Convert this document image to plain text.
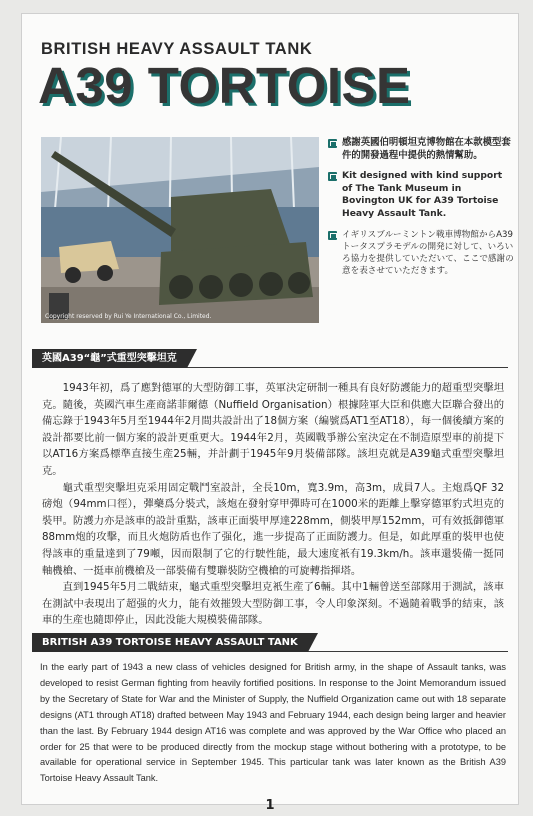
BRITISH HEAVY ASSAULT TANK
A39 TORTOISE
Copyright reserved by Rui Ye International Co., Limited.
感謝英國伯明頓坦克博物館在本款模型套件的開發過程中提供的熱情幫助。
Kit designed with kind support of The Tank Museum in Bovington UK for A39 Tortoise Heavy Assault Tank.
イギリスブルーミントン戦車博物館からA39トータスプラモデルの開発に対して、いろいろ協力を提供していただいて、ここで感謝の意を表させていただきます。
英國A39“龜”式重型突擊坦克

1943年初，爲了應對德軍的大型防御工事，英軍決定研制一種具有良好防護能力的超重型突擊坦克。隨後，英國汽車生產商諾菲爾德（Nuffield Organisation）根據陸軍大臣和供應大臣聯合發出的備忘錄于1943年5月至1944年2月間共設計出了18個方案（編號爲AT1至AT18），每一個後續方案的設計都要比前一個方案的設計更重更大。1944年2月，英國戰爭辦公室決定在不制造原型車的前提下以AT16方案爲標準直接生産25輛，并計劃于1945年9月裝備部隊。該坦克就是A39龜式重型突擊坦克。

龜式重型突擊坦克采用固定戰鬥室設計，全長10m，寬3.9m，高3m，成員7人。主炮爲QF 32磅炮（94mm口徑），彈藥爲分裝式，該炮在發射穿甲彈時可在1000米的距離上擊穿德軍豹式坦克的裝甲。防護力亦是該車的設計重點，該車正面裝甲厚達228mm，側裝甲厚152mm，可有效抵御德軍88mm炮的攻擊，而且火炮防盾也作了强化，進一步提高了正面防護力。但是，如此厚重的裝甲也使得該車的重量達到了79噸，因而限制了它的行駛性能，最大速度衹有19.3km/h。該車還裝備一挺同軸機槍、一挺車前機槍及一部裝備有雙聯裝防空機槍的可旋轉指揮塔。

直到1945年5月二戰結束，龜式重型突擊坦克衹生産了6輛。其中1輛曾送至部隊用于測試，該車在測試中表現出了超强的火力，能有效摧毁大型防御工事，令人印象深刻。不過隨着戰爭的結束，該車的生産也隨即停止，因此没能大規模裝備部隊。

BRITISH A39 TORTOISE HEAVY ASSAULT TANK

In the early part of 1943 a new class of vehicles designed for British army, in the shape of Assault tanks, was developed to resist German fighting from heavily fortified positions. In response to the Joint Memorandum issued by the Secretary of State for War and the Minister of Supply, the Nuffield Organization came out with 18 separate designs (AT1 through AT18) drafted between May 1943 and February 1944, each design being larger and heavier than the last. By February 1944 design AT16 was complete and was approved by the War Office who placed an order for 25 that were to be produced directly from the mockup stage without bothering with a prototype, to be available for operational service in September 1945. This particular tank was later known as the British A39 Tortoise Heavy Assault Tank.

1
